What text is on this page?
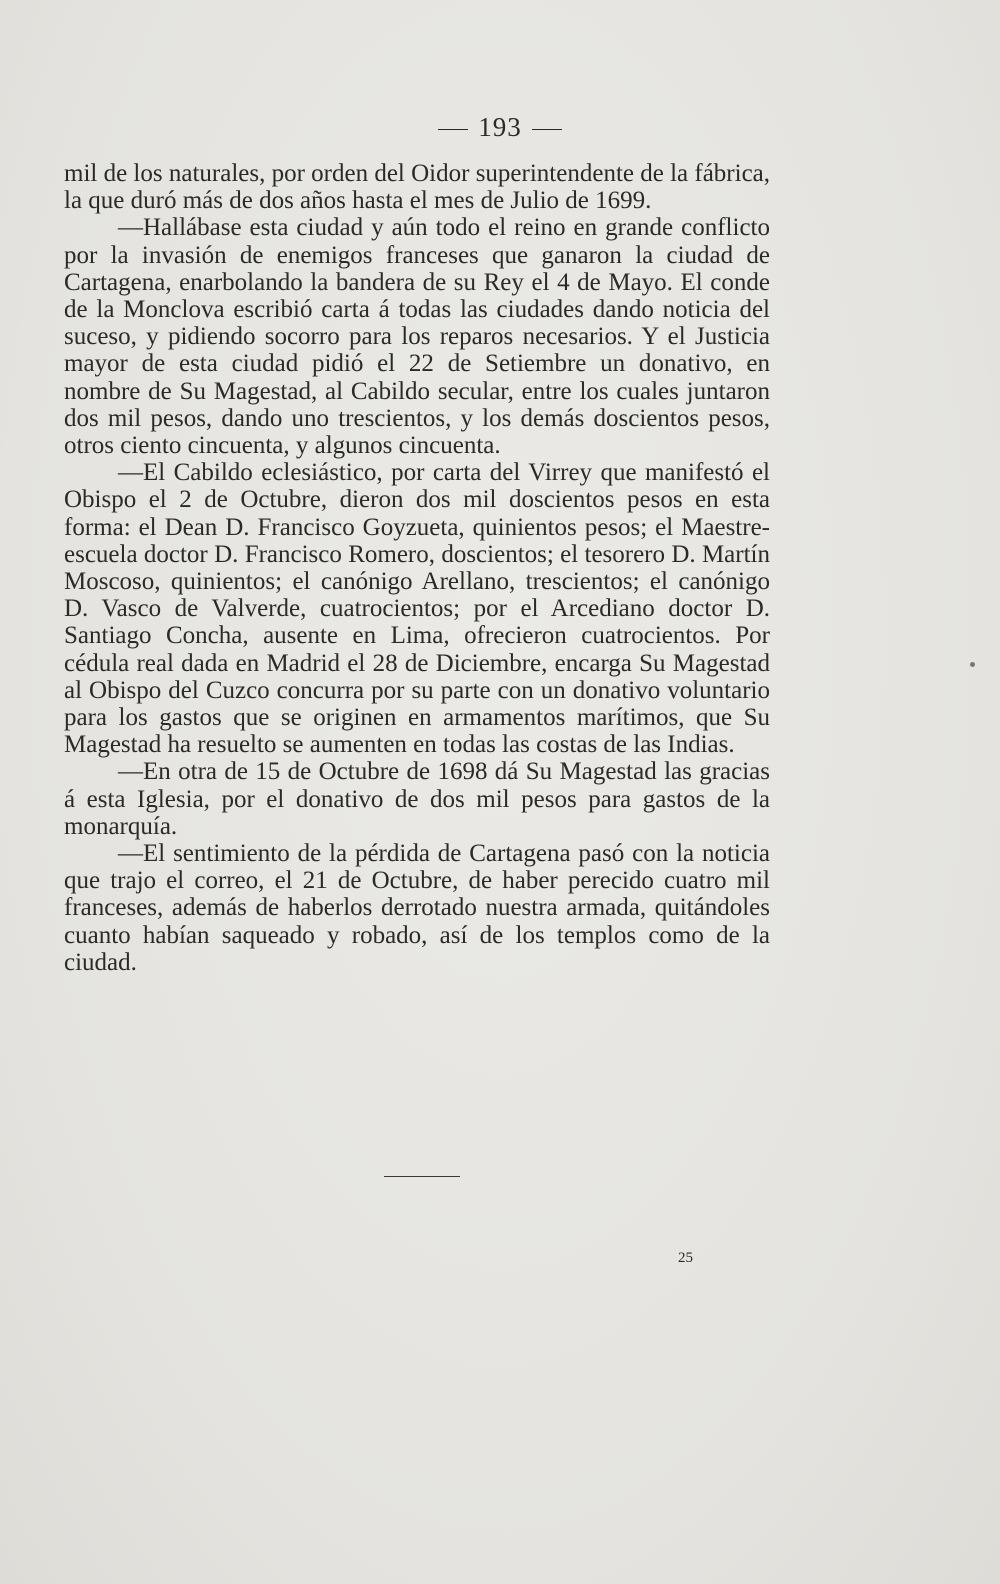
193

mil de los naturales, por orden del Oidor superintendente de la fábrica, la que duró más de dos años hasta el mes de Julio de 1699.

—Hallábase esta ciudad y aún todo el reino en grande conflicto por la invasión de enemigos franceses que ganaron la ciudad de Cartagena, enarbolando la bandera de su Rey el 4 de Mayo. El conde de la Monclova escribió carta á todas las ciudades dando noticia del suceso, y pidiendo socorro para los reparos necesarios. Y el Justicia mayor de esta ciudad pidió el 22 de Setiembre un donativo, en nombre de Su Magestad, al Cabildo secular, entre los cuales juntaron dos mil pesos, dando uno trescientos, y los demás doscientos pesos, otros ciento cincuenta, y algunos cincuenta.

—El Cabildo eclesiástico, por carta del Virrey que manifestó el Obispo el 2 de Octubre, dieron dos mil doscientos pesos en esta forma: el Dean D. Francisco Goyzueta, quinientos pesos; el Maestre-escuela doctor D. Francisco Romero, doscientos; el tesorero D. Martín Moscoso, quinientos; el canónigo Arellano, trescientos; el canónigo D. Vasco de Valverde, cuatrocientos; por el Arcediano doctor D. Santiago Concha, ausente en Lima, ofrecieron cuatrocientos. Por cédula real dada en Madrid el 28 de Diciembre, encarga Su Magestad al Obispo del Cuzco concurra por su parte con un donativo voluntario para los gastos que se originen en armamentos marítimos, que Su Magestad ha resuelto se aumenten en todas las costas de las Indias.

—En otra de 15 de Octubre de 1698 dá Su Magestad las gracias á esta Iglesia, por el donativo de dos mil pesos para gastos de la monarquía.

—El sentimiento de la pérdida de Cartagena pasó con la noticia que trajo el correo, el 21 de Octubre, de haber perecido cuatro mil franceses, además de haberlos derrotado nuestra armada, quitándoles cuanto habían saqueado y robado, así de los templos como de la ciudad.

25
